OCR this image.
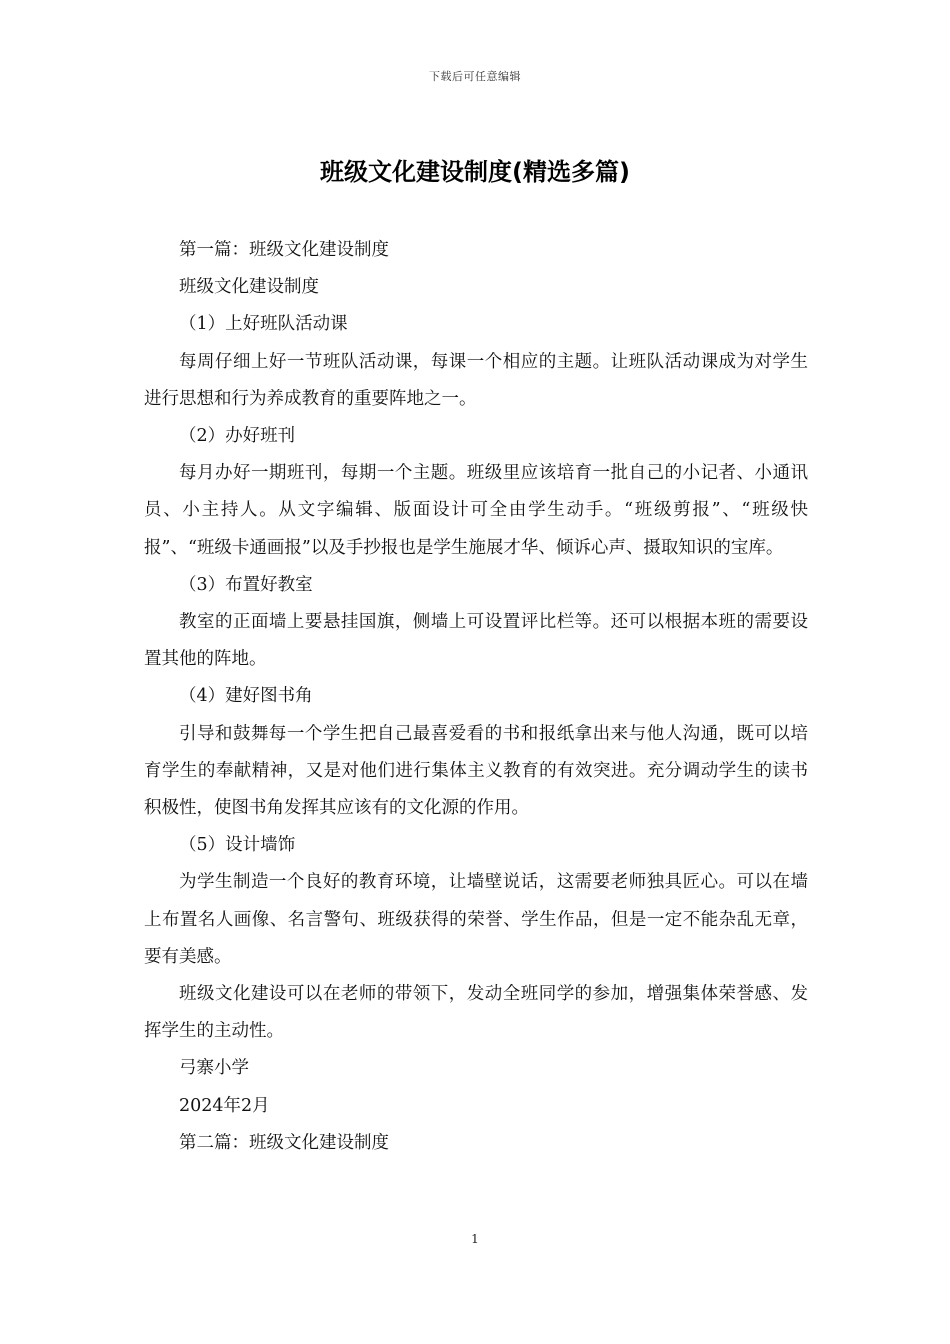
下载后可任意编辑
班级文化建设制度(精选多篇)

第一篇：班级文化建设制度

班级文化建设制度

（1）上好班队活动课

每周仔细上好一节班队活动课，每课一个相应的主题。让班队活动课成为对学生进行思想和行为养成教育的重要阵地之一。

（2）办好班刊

每月办好一期班刊，每期一个主题。班级里应该培育一批自己的小记者、小通讯员、小主持人。从文字编辑、版面设计可全由学生动手。“班级剪报”、“班级快报”、“班级卡通画报”以及手抄报也是学生施展才华、倾诉心声、摄取知识的宝库。

（3）布置好教室

教室的正面墙上要悬挂国旗，侧墙上可设置评比栏等。还可以根据本班的需要设置其他的阵地。

（4）建好图书角

引导和鼓舞每一个学生把自己最喜爱看的书和报纸拿出来与他人沟通，既可以培育学生的奉献精神，又是对他们进行集体主义教育的有效突进。充分调动学生的读书积极性，使图书角发挥其应该有的文化源的作用。

（5）设计墙饰

为学生制造一个良好的教育环境，让墙壁说话，这需要老师独具匠心。可以在墙上布置名人画像、名言警句、班级获得的荣誉、学生作品，但是一定不能杂乱无章，要有美感。

班级文化建设可以在老师的带领下，发动全班同学的参加，增强集体荣誉感、发挥学生的主动性。

弓寨小学

2024年2月

第二篇：班级文化建设制度

1
